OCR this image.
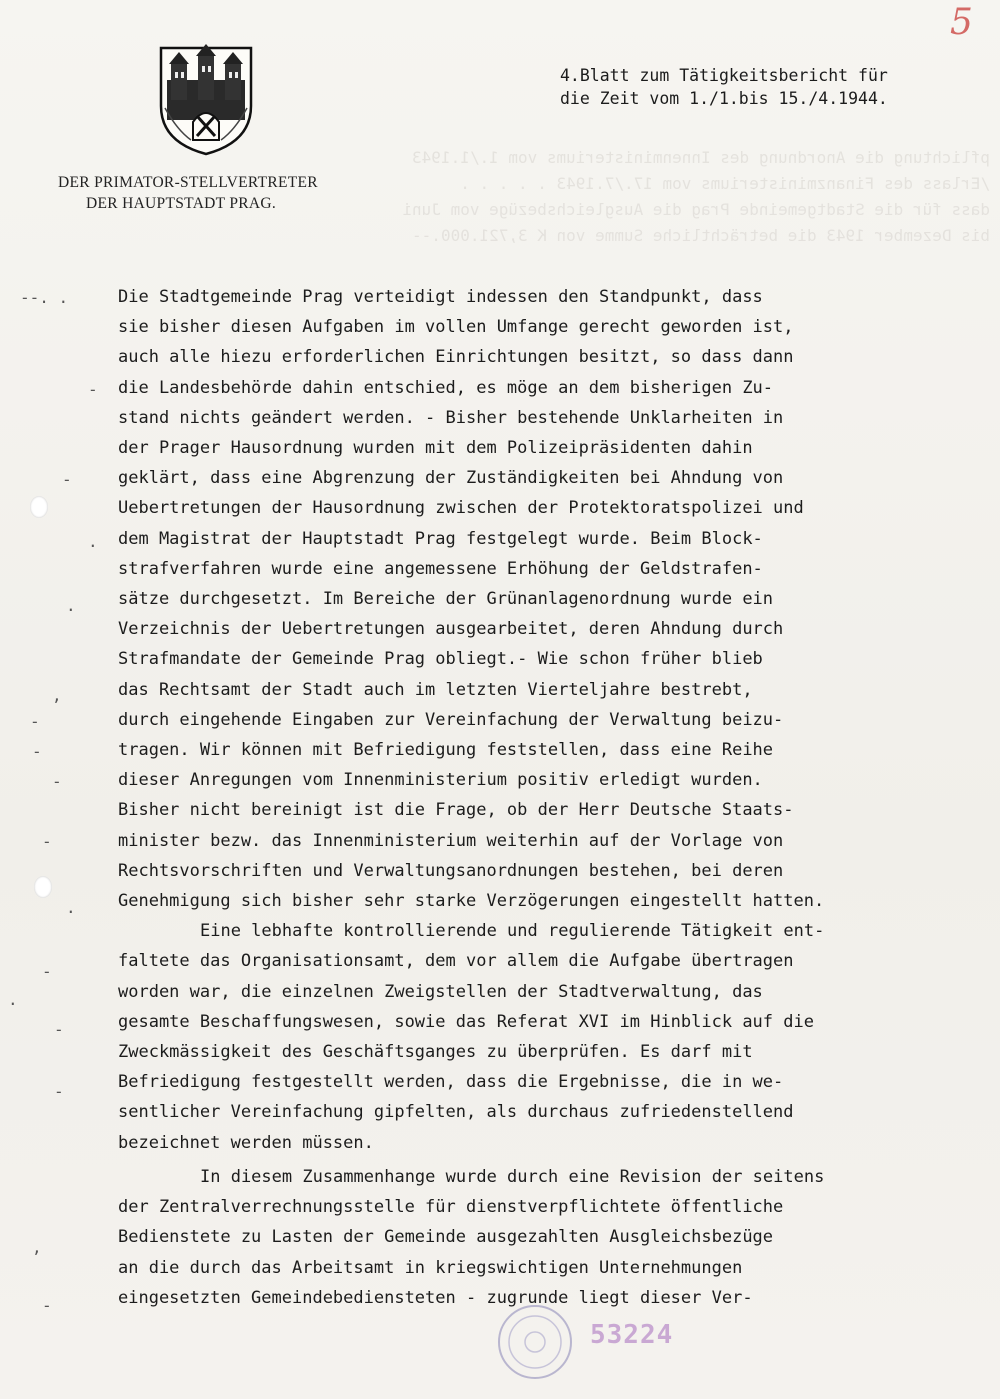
pflichtung die Anordnung des Innenministeriums vom 1./1.1943
/Erlass des Finanzministeriums vom 17./7.1943 . . . . .
dass für die Stadtgemeinde Prag die Ausgleichsbezüge vom Juni
bis Dezember 1943 die beträchtliche Summe von K 3,721.000.--
5
DER PRIMATOR-STELLVERTRETER
DER HAUPTSTADT PRAG.
4.Blatt zum Tätigkeitsbericht für
die Zeit vom 1./1.bis 15./4.1944.
Die Stadtgemeinde Prag verteidigt indessen den Standpunkt, dass
sie bisher diesen Aufgaben im vollen Umfange gerecht geworden ist,
auch alle hiezu erforderlichen Einrichtungen besitzt, so dass dann
die Landesbehörde dahin entschied, es möge an dem bisherigen Zu-
stand nichts geändert werden. - Bisher bestehende Unklarheiten in
der Prager Hausordnung wurden mit dem Polizeipräsidenten dahin
geklärt, dass eine Abgrenzung der Zuständigkeiten bei Ahndung von
Uebertretungen der Hausordnung zwischen der Protektoratspolizei und
dem Magistrat der Hauptstadt Prag festgelegt wurde. Beim Block-
strafverfahren wurde eine angemessene Erhöhung der Geldstrafen-
sätze durchgesetzt. Im Bereiche der Grünanlagenordnung wurde ein
Verzeichnis der Uebertretungen ausgearbeitet, deren Ahndung durch
Strafmandate der Gemeinde Prag obliegt.- Wie schon früher blieb
das Rechtsamt der Stadt auch im letzten Vierteljahre bestrebt,
durch eingehende Eingaben zur Vereinfachung der Verwaltung beizu-
tragen. Wir können mit Befriedigung feststellen, dass eine Reihe
dieser Anregungen vom Innenministerium positiv erledigt wurden.
Bisher nicht bereinigt ist die Frage, ob der Herr Deutsche Staats-
minister bezw. das Innenministerium weiterhin auf der Vorlage von
Rechtsvorschriften und Verwaltungsanordnungen bestehen, bei deren
Genehmigung sich bisher sehr starke Verzögerungen eingestellt hatten.
Eine lebhafte kontrollierende und regulierende Tätigkeit ent-
faltete das Organisationsamt, dem vor allem die Aufgabe übertragen
worden war, die einzelnen Zweigstellen der Stadtverwaltung, das
gesamte Beschaffungswesen, sowie das Referat XVI im Hinblick auf die
Zweckmässigkeit des Geschäftsganges zu überprüfen. Es darf mit
Befriedigung festgestellt werden, dass die Ergebnisse, die in we-
sentlicher Vereinfachung gipfelten, als durchaus zufriedenstellend
bezeichnet werden müssen.
In diesem Zusammenhange wurde durch eine Revision der seitens
der Zentralverrechnungsstelle für dienstverpflichtete öffentliche
Bedienstete zu Lasten der Gemeinde ausgezahlten Ausgleichsbezüge
an die durch das Arbeitsamt in kriegswichtigen Unternehmungen
eingesetzten Gemeindebediensteten - zugrunde liegt dieser Ver-
--. .
-
-
.
.
,
-
-
-
-
.
-
.
-
-
,
-
53224
